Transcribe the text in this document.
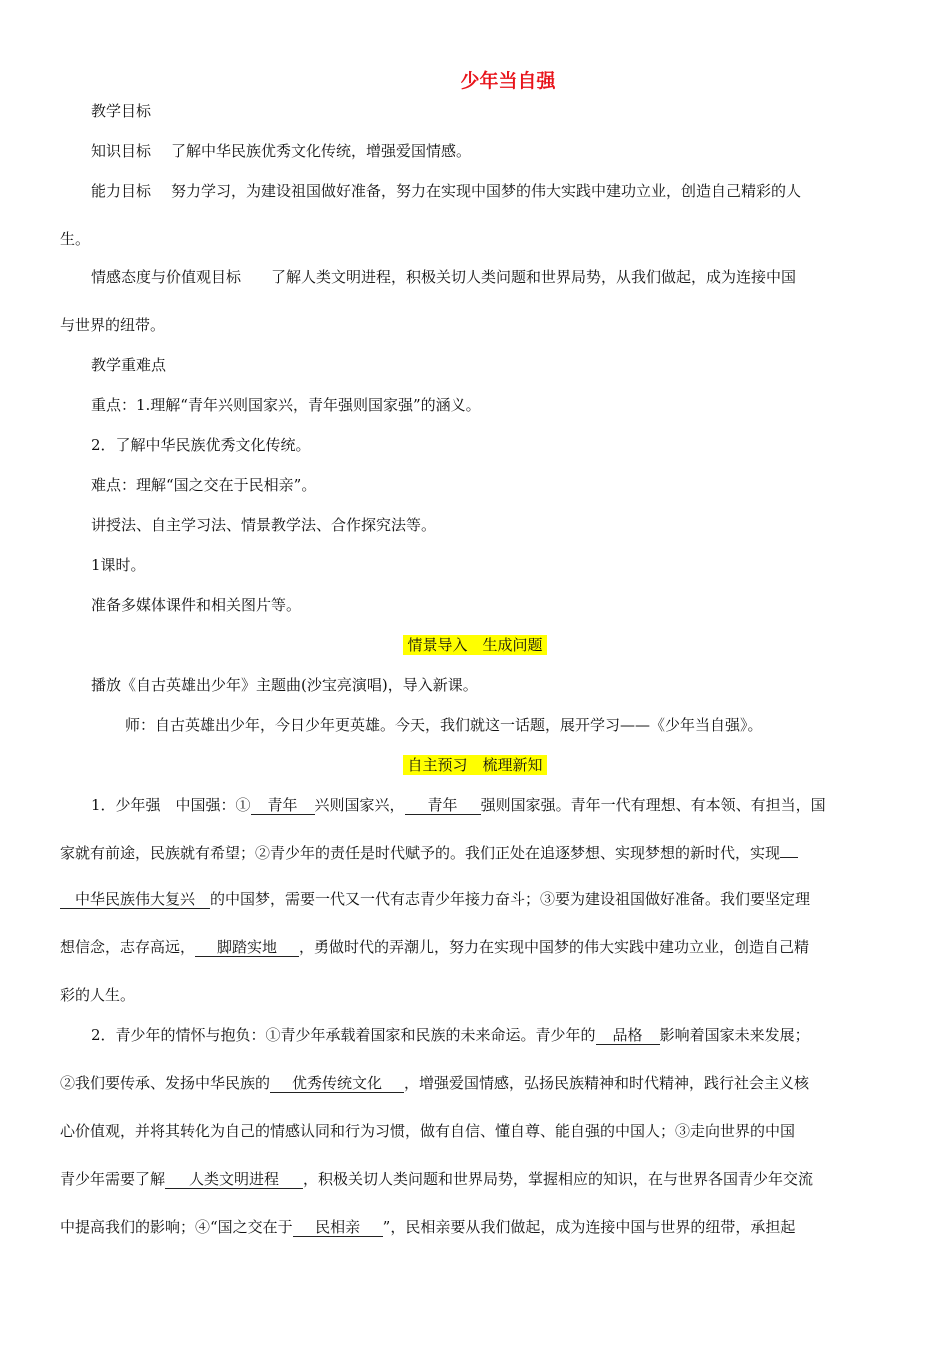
少年当自强
教学目标
知识目标 了解中华民族优秀文化传统，增强爱国情感。
能力目标 努力学习，为建设祖国做好准备，努力在实现中国梦的伟大实践中建功立业，创造自己精彩的人
生。
情感态度与价值观目标 了解人类文明进程，积极关切人类问题和世界局势，从我们做起，成为连接中国
与世界的纽带。
教学重难点
重点：1.理解“青年兴则国家兴，青年强则国家强”的涵义。
2．了解中华民族优秀文化传统。
难点：理解“国之交在于民相亲”。
讲授法、自主学习法、情景教学法、合作探究法等。
1课时。
准备多媒体课件和相关图片等。
情景导入　生成问题
播放《自古英雄出少年》主题曲(沙宝亮演唱)，导入新课。
师：自古英雄出少年，今日少年更英雄。今天，我们就这一话题，展开学习——《少年当自强》。
自主预习　梳理新知
1．少年强　中国强：① 青年 兴则国家兴， 青年 强则国家强。青年一代有理想、有本领、有担当，国
家就有前途，民族就有希望；②青少年的责任是时代赋予的。我们正处在追逐梦想、实现梦想的新时代，实现
中华民族伟大复兴 的中国梦，需要一代又一代有志青少年接力奋斗；③要为建设祖国做好准备。我们要坚定理
想信念，志存高远， 脚踏实地 ，勇做时代的弄潮儿，努力在实现中国梦的伟大实践中建功立业，创造自己精
彩的人生。
2．青少年的情怀与抱负：①青少年承载着国家和民族的未来命运。青少年的 品格 影响着国家未来发展；
②我们要传承、发扬中华民族的 优秀传统文化 ，增强爱国情感，弘扬民族精神和时代精神，践行社会主义核
心价值观，并将其转化为自己的情感认同和行为习惯，做有自信、懂自尊、能自强的中国人；③走向世界的中国
青少年需要了解 人类文明进程 ，积极关切人类问题和世界局势，掌握相应的知识，在与世界各国青少年交流
中提高我们的影响；④“国之交在于 民相亲 ”，民相亲要从我们做起，成为连接中国与世界的纽带，承担起
